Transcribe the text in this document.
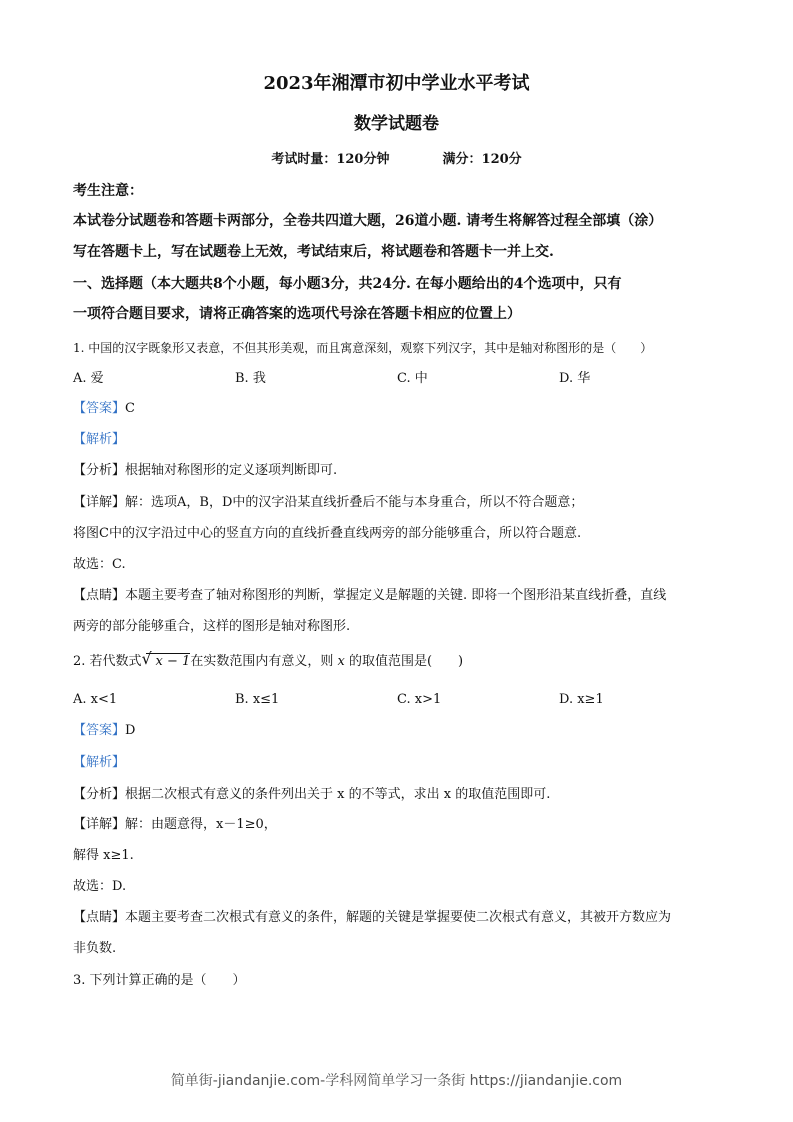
2023年湘潭市初中学业水平考试
数学试题卷
考试时量：120分钟	满分：120分
考生注意：
本试卷分试题卷和答题卡两部分，全卷共四道大题，26道小题. 请考生将解答过程全部填（涂）
写在答题卡上，写在试题卷上无效，考试结束后，将试题卷和答题卡一并上交.
一、选择题（本大题共8个小题，每小题3分，共24分. 在每小题给出的4个选项中，只有
一项符合题目要求，请将正确答案的选项代号涂在答题卡相应的位置上）
1. 中国的汉字既象形又表意，不但其形美观，而且寓意深刻，观察下列汉字，其中是轴对称图形的是（　　）
A. 爱	B. 我	C. 中	D. 华
【答案】C
【解析】
【分析】根据轴对称图形的定义逐项判断即可.
【详解】解：选项A，B，D中的汉字沿某直线折叠后不能与本身重合，所以不符合题意；
将图C中的汉字沿过中心的竖直方向的直线折叠直线两旁的部分能够重合，所以符合题意.
故选：C.
【点睛】本题主要考查了轴对称图形的判断，掌握定义是解题的关键. 即将一个图形沿某直线折叠，直线
两旁的部分能够重合，这样的图形是轴对称图形.
2. 若代数式√ x − 1在实数范围内有意义，则 x 的取值范围是(　　)
A. x<1	B. x≤1	C. x>1	D. x≥1
【答案】D
【解析】
【分析】根据二次根式有意义的条件列出关于 x 的不等式，求出 x 的取值范围即可.
【详解】解：由题意得，x－1≥0，
解得 x≥1.
故选：D.
【点睛】本题主要考查二次根式有意义的条件，解题的关键是掌握要使二次根式有意义，其被开方数应为
非负数.
3. 下列计算正确的是（　　）
简单街-jiandanjie.com-学科网简单学习一条街 https://jiandanjie.com
